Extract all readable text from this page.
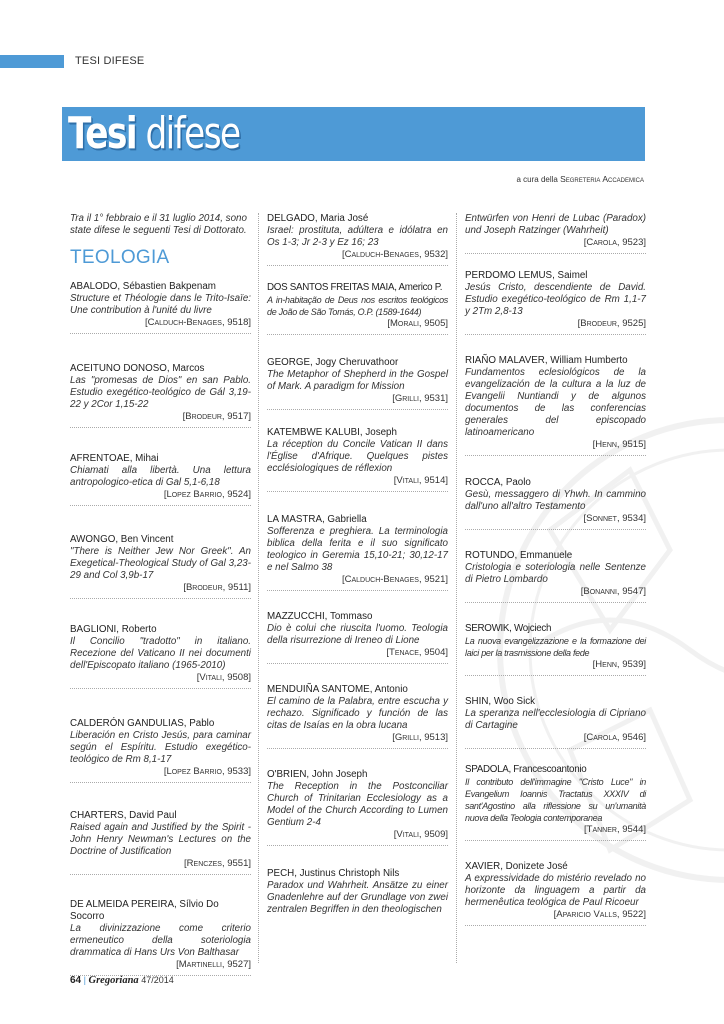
TESI DIFESE
Tesi difese
a cura della Segreteria Accademica

Tra il 1° febbraio e il 31 luglio 2014, sono state difese le seguenti Tesi di Dottorato.

TEOLOGIA
ABALODO, Sébastien Bakpenam
Structure et Théologie dans le Trito-Isaïe: Une contribution à l'unité du livre
[Calduch-Benages, 9518]
ACEITUNO DONOSO, Marcos
Las "promesas de Dios" en san Pablo. Estudio exegético-teológico de Gál 3,19-22 y 2Cor 1,15-22
[Brodeur, 9517]
AFRENTOAE, Mihai
Chiamati alla libertà. Una lettura antropologico-etica di Gal 5,1-6,18
[Lopez Barrio, 9524]
AWONGO, Ben Vincent
"There is Neither Jew Nor Greek". An Exegetical-Theological Study of Gal 3,23-29 and Col 3,9b-17
[Brodeur, 9511]
BAGLIONI, Roberto
Il Concilio "tradotto" in italiano. Recezione del Vaticano II nei documenti dell'Episcopato italiano (1965-2010)
[Vitali, 9508]
CALDERÓN GANDULIAS, Pablo
Liberación en Cristo Jesús, para caminar según el Espíritu. Estudio exegético-teológico de Rm 8,1-17
[Lopez Barrio, 9533]
CHARTERS, David Paul
Raised again and Justified by the Spirit - John Henry Newman's Lectures on the Doctrine of Justification
[Renczes, 9551]
DE ALMEIDA PEREIRA, Sílvio Do Socorro
La divinizzazione come criterio ermeneutico della soteriologia drammatica di Hans Urs Von Balthasar
[Martinelli, 9527]
DELGADO, Maria José
Israel: prostituta, adúltera e idólatra en Os 1-3; Jr 2-3 y Ez 16; 23
[Calduch-Benages, 9532]
DOS SANTOS FREITAS MAIA, Americo P.
A in-habitação de Deus nos escritos teológicos de João de São Tomás, O.P. (1589-1644)
[Morali, 9505]
GEORGE, Jogy Cheruvathoor
The Metaphor of Shepherd in the Gospel of Mark. A paradigm for Mission
[Grilli, 9531]
KATEMBWE KALUBI, Joseph
La réception du Concile Vatican II dans l'Église d'Afrique. Quelques pistes ecclésiologiques de réflexion
[Vitali, 9514]
LA MASTRA, Gabriella
Sofferenza e preghiera. La terminologia biblica della ferita e il suo significato teologico in Geremia 15,10-21; 30,12-17 e nel Salmo 38
[Calduch-Benages, 9521]
MAZZUCCHI, Tommaso
Dio è colui che riuscita l'uomo. Teologia della risurrezione di Ireneo di Lione
[Tenace, 9504]
MENDUIÑA SANTOME, Antonio
El camino de la Palabra, entre escucha y rechazo. Significado y función de las citas de Isaías en la obra lucana
[Grilli, 9513]
O'BRIEN, John Joseph
The Reception in the Postconciliar Church of Trinitarian Ecclesiology as a Model of the Church According to Lumen Gentium 2-4
[Vitali, 9509]
PECH, Justinus Christoph Nils
Paradox und Wahrheit. Ansätze zu einer Gnadenlehre auf der Grundlage von zwei zentralen Begriffen in den theologischen
Entwürfen von Henri de Lubac (Paradox) und Joseph Ratzinger (Wahrheit)
[Carola, 9523]
PERDOMO LEMUS, Saimel
Jesús Cristo, descendiente de David. Estudio exegético-teológico de Rm 1,1-7 y 2Tm 2,8-13
[Brodeur, 9525]
RIAÑO MALAVER, William Humberto
Fundamentos eclesiológicos de la evangelización de la cultura a la luz de Evangelii Nuntiandi y de algunos documentos de las conferencias generales del episcopado latinoamericano
[Henn, 9515]
ROCCA, Paolo
Gesù, messaggero di Yhwh. In cammino dall'uno all'altro Testamento
[Sonnet, 9534]
ROTUNDO, Emmanuele
Cristologia e soteriologia nelle Sentenze di Pietro Lombardo
[Bonanni, 9547]
SEROWIK, Wojciech
La nuova evangelizzazione e la formazione dei laici per la trasmissione della fede
[Henn, 9539]
SHIN, Woo Sick
La speranza nell'ecclesiologia di Cipriano di Cartagine
[Carola, 9546]
SPADOLA, Francescoantonio
Il contributo dell'immagine "Cristo Luce" in Evangelium Ioannis Tractatus XXXIV di sant'Agostino alla riflessione su un'umanità nuova della Teologia contemporanea
[Tanner, 9544]
XAVIER, Donizete José
A expressividade do mistério revelado no horizonte da linguagem a partir da hermenêutica teológica de Paul Ricoeur
[Aparicio Valls, 9522]
64 | Gregoriana 47/2014
